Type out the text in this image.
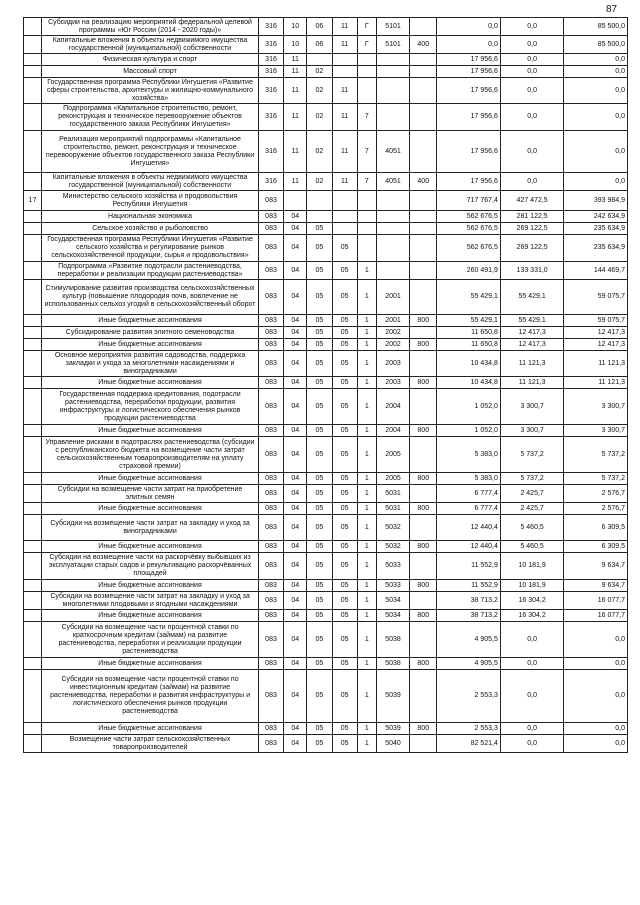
87
	Субсидии на реализацию мероприятий федеральной целевой программы «Юг России (2014 - 2020 годы)»	316	10	06	11	Г	5101		0,0	0,0	85 500,0
	Капитальные вложения в объекты недвижимого имущества государственной (муниципальной) собственности	316	10	06	11	Г	5101	400	0,0	0,0	85 500,0
	Физическая культура и спорт	316	11						17 956,6	0,0	0,0
	Массовый спорт	316	11	02					17 956,6	0,0	0,0
	Государственная программа Республики Ингушетия «Развитие сферы строительства, архитектуры и жилищно-коммунального хозяйства»	316	11	02	11				17 956,6	0,0	0,0
	Подпрограмма «Капитальное строительство, ремонт, реконструкция и техническое перевооружение объектов государственного заказа Республики Ингушетия»	316	11	02	11	7			17 956,6	0,0	0,0
	Реализация мероприятий подпрограммы «Капитальное строительство, ремонт, реконструкция и техническое перевооружение объектов государственного заказа Республики Ингушетия»	316	11	02	11	7	4051		17 956,6	0,0	0,0
	Капитальные вложения в объекты недвижимого имущества государственной (муниципальной) собственности	316	11	02	11	7	4051	400	17 956,6	0,0	0,0
17	Министерство сельского хозяйства и продовольствия Республики Ингушетия	083							717 767,4	427 472,5	393 984,9
	Национальная экономика	083	04						562 676,5	281 122,5	242 634,9
	Сельское хозяйство и рыболовство	083	04	05					562 676,5	269 122,5	235 634,9
	Государственная программа Республики Ингушетия «Развитие сельского хозяйства и регулирование рынков сельскохозяйственной продукции, сырья и продовольствия»	083	04	05	05				562 676,5	269 122,5	235 634,9
	Подпрограмма «Развитие подотрасли растениеводства, переработки и реализации продукции растениеводства»	083	04	05	05	1			260 491,9	133 331,0	144 469,7
	Стимулирование развития производства сельскохозяйственных культур (повышение плодородия почв, вовлечение не использованных сельхоз угодий в сельскохозяйственный оборот	083	04	05	05	1	2001		55 429,1	55 429,1	59 075,7
	Иные бюджетные ассигнования	083	04	05	05	1	2001	800	55 429,1	55 429,1	59 075,7
	Субсидирование развития элитного семеноводства	083	04	05	05	1	2002		11 650,8	12 417,3	12 417,3
	Иные бюджетные ассигнования	083	04	05	05	1	2002	800	11 650,8	12 417,3	12 417,3
	Основное мероприятия развития садоводства, поддержка закладки и ухода за многолетними насаждениями и виноградниками	083	04	05	05	1	2003		10 434,8	11 121,3	11 121,3
	Иные бюджетные ассигнования	083	04	05	05	1	2003	800	10 434,8	11 121,3	11 121,3
	Государственная поддержка кредитования, подотрасли растениеводства, переработки продукции, развития инфраструктуры и логистического обеспечения рынков продукции растениеводства	083	04	05	05	1	2004		1 052,0	3 300,7	3 300,7
	Иные бюджетные ассигнования	083	04	05	05	1	2004	800	1 052,0	3 300,7	3 300,7
	Управление рисками в подотраслях растениеводства (субсидии с республиканского бюджета на возмещение части затрат сельскохозяйственным товаропроизводителям на уплату страховой премии)	083	04	05	05	1	2005		5 383,0	5 737,2	5 737,2
	Иные бюджетные ассигнования	083	04	05	05	1	2005	800	5 383,0	5 737,2	5 737,2
	Субсидии на возмещение части затрат на приобретение элитных семян	083	04	05	05	1	5031		6 777,4	2 425,7	2 576,7
	Иные бюджетные ассигнования	083	04	05	05	1	5031	800	6 777,4	2 425,7	2 576,7
	Субсидии на возмещение части затрат на закладку и уход за виноградниками	083	04	05	05	1	5032		12 440,4	5 460,5	6 309,5
	Иные бюджетные ассигнования	083	04	05	05	1	5032	800	12 440,4	5 460,5	6 309,5
	Субсидии на возмещение части на раскорчёвку выбывших из эксплуатации старых садов и рекультивацию раскорчёванных площадей	083	04	05	05	1	5033		11 552,9	10 181,9	9 634,7
	Иные бюджетные ассигнования	083	04	05	05	1	5033	800	11 552,9	10 181,9	9 634,7
	Субсидии на возмещение части затрат на закладку и уход за многолетними плодовыми и ягодными насаждениями	083	04	05	05	1	5034		38 713,2	16 304,2	16 077,7
	Иные бюджетные ассигнования	083	04	05	05	1	5034	800	38 713,2	16 304,2	16 077,7
	Субсидии на возмещение части процентной ставки по краткосрочным кредитам (займам) на развитие растениеводства, переработки и реализации продукции растениеводства	083	04	05	05	1	5038		4 905,5	0,0	0,0
	Иные бюджетные ассигнования	083	04	05	05	1	5038	800	4 905,5	0,0	0,0
	Субсидии на возмещение части процентной ставки по инвестиционным кредитам (займам) на развитие растениеводства, переработки и развития инфраструктуры и логистического обеспечения рынков продукции растениеводства	083	04	05	05	1	5039		2 553,3	0,0	0,0
	Иные бюджетные ассигнования	083	04	05	05	1	5039	800	2 553,3	0,0	0,0
	Возмещение части затрат сельскохозяйственных товаропроизводителей	083	04	05	05	1	5040		82 521,4	0,0	0,0
